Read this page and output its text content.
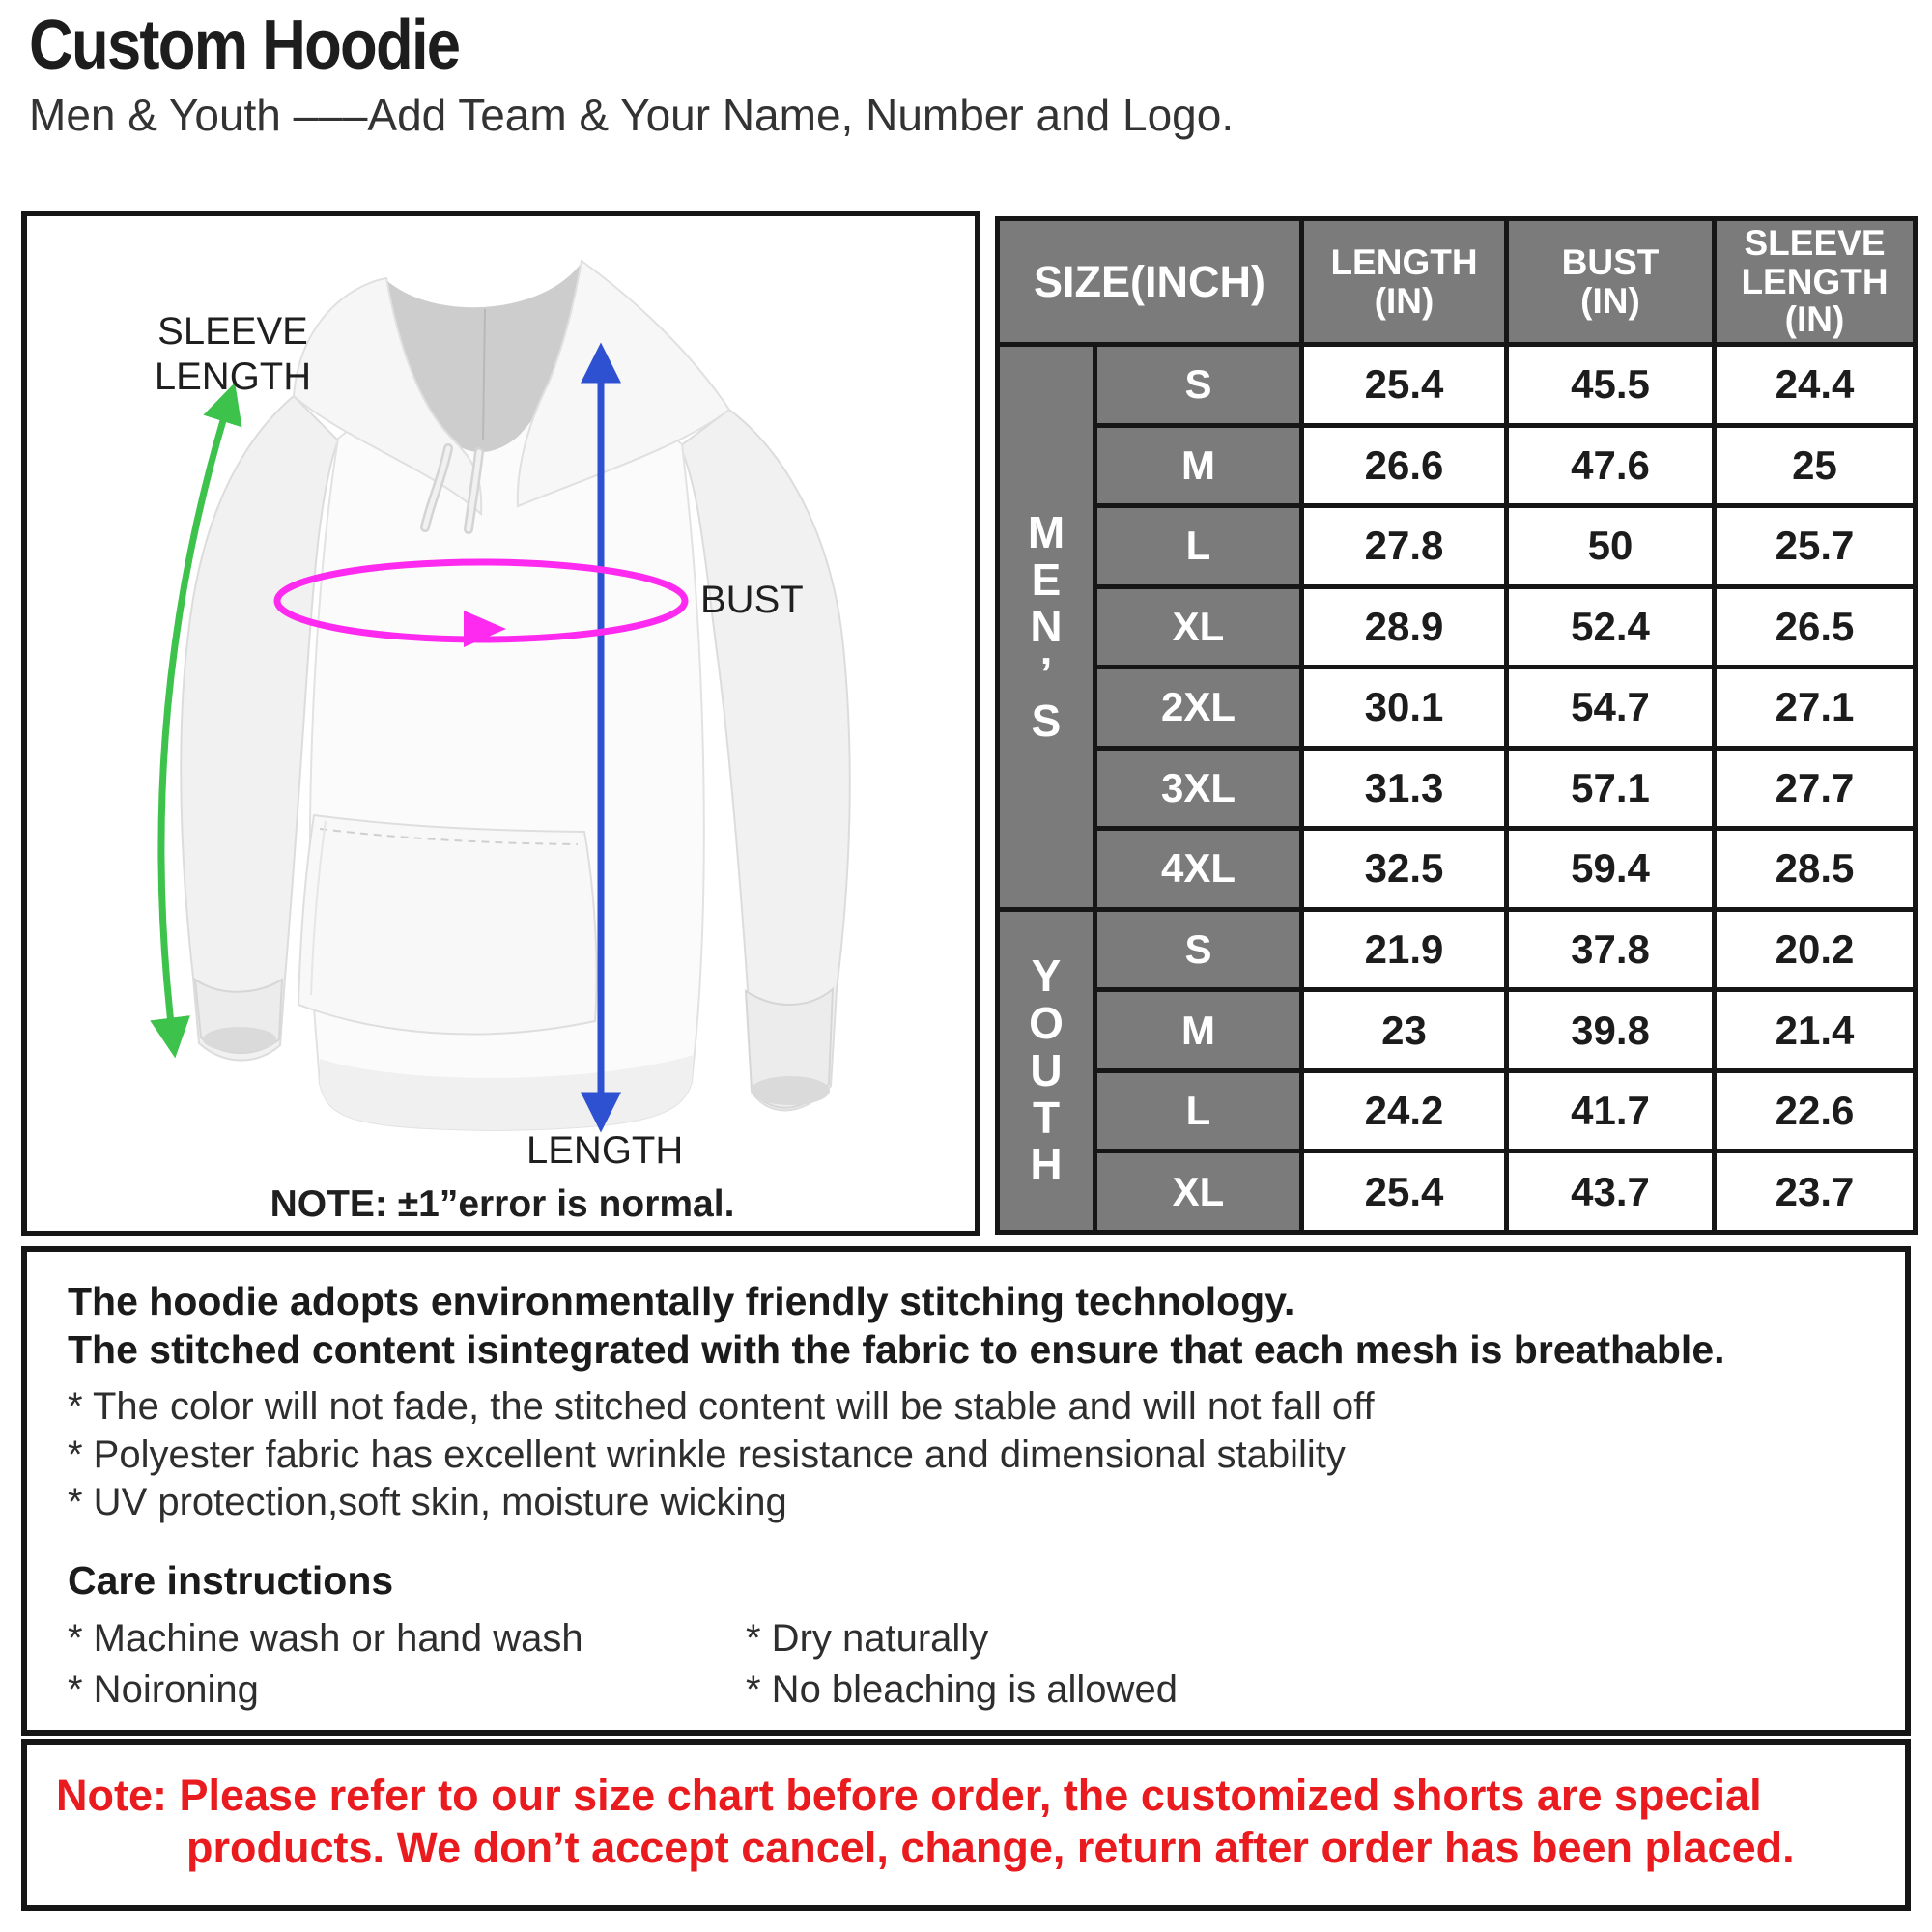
Custom Hoodie
Men & Youth –––Add Team & Your Name, Number and Logo.
SLEEVE
LENGTH
BUST
LENGTH
NOTE: ±1”error is normal.
SIZE(INCH)	LENGTH
(IN)

BUST
(IN)

SLEEVE
LENGTH
(IN)

M
E
N
’
S	S	25.4	45.5	24.4
	M	26.6	47.6	25
	L	27.8	50	25.7
	XL	28.9	52.4	26.5
	2XL	30.1	54.7	27.1
	3XL	31.3	57.1	27.7
	4XL	32.5	59.4	28.5

Y
O
U
T
H	S	21.9	37.8	20.2
	M	23	39.8	21.4
	L	24.2	41.7	22.6
	XL	25.4	43.7	23.7
The hoodie adopts environmentally friendly stitching technology.
The stitched content isintegrated with the fabric to ensure that each mesh is breathable.
* The color will not fade, the stitched content will be stable and will not fall off
* Polyester fabric has excellent wrinkle resistance and dimensional stability
* UV protection,soft skin, moisture wicking
Care instructions
* Machine wash or hand wash
* Noironing
* Dry naturally
* No bleaching is allowed
Note: Please refer to our size chart before order, the customized shorts are special
products. We don’t accept cancel, change, return after order has been placed.
